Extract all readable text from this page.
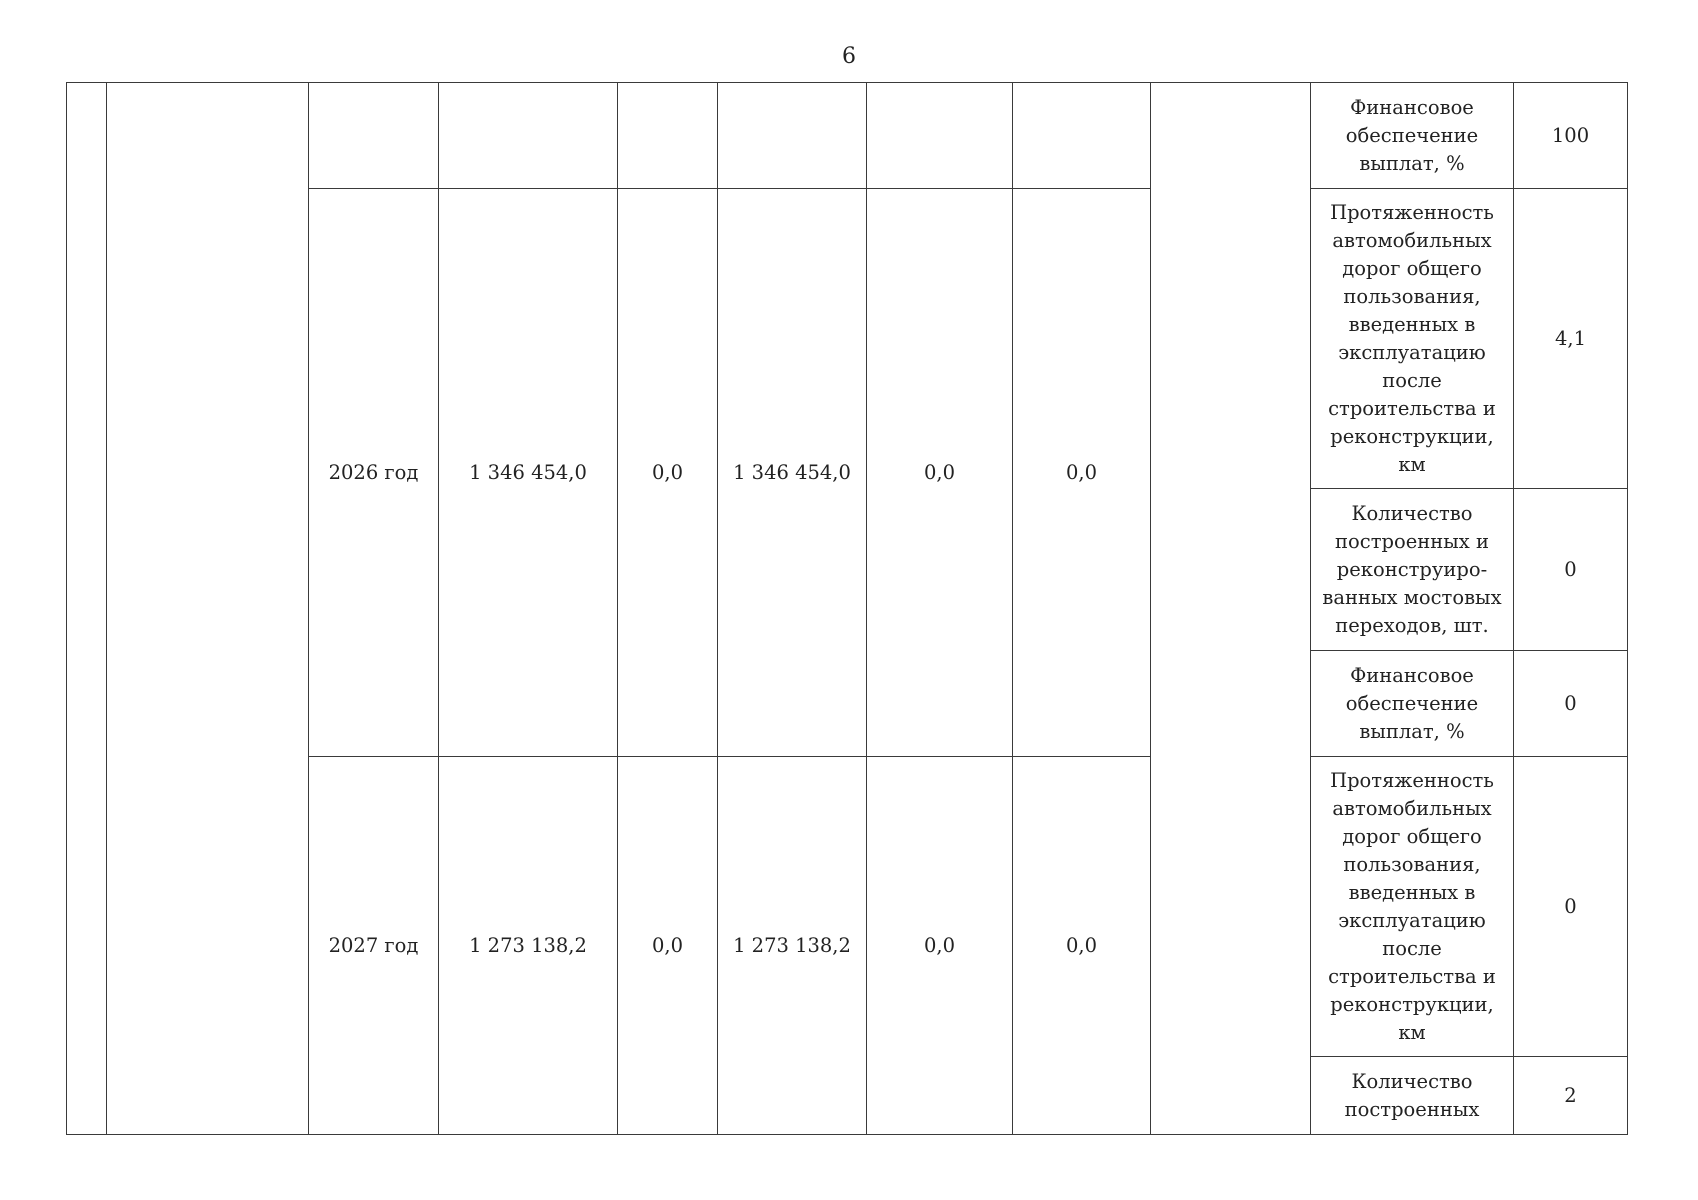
6
									Финансовое обеспечение выплат, %	100
		2026 год	1 346 454,0	0,0	1 346 454,0	0,0	0,0		Протяженность автомобильных дорог общего пользования, введенных в эксплуатацию после строительства и реконструкции, км	4,1
									Количество построенных и реконструиро-ванных мостовых переходов, шт.	0
									Финансовое обеспечение выплат, %	0
		2027 год	1 273 138,2	0,0	1 273 138,2	0,0	0,0		Протяженность автомобильных дорог общего пользования, введенных в эксплуатацию после строительства и реконструкции, км	0
									Количество построенных	2
